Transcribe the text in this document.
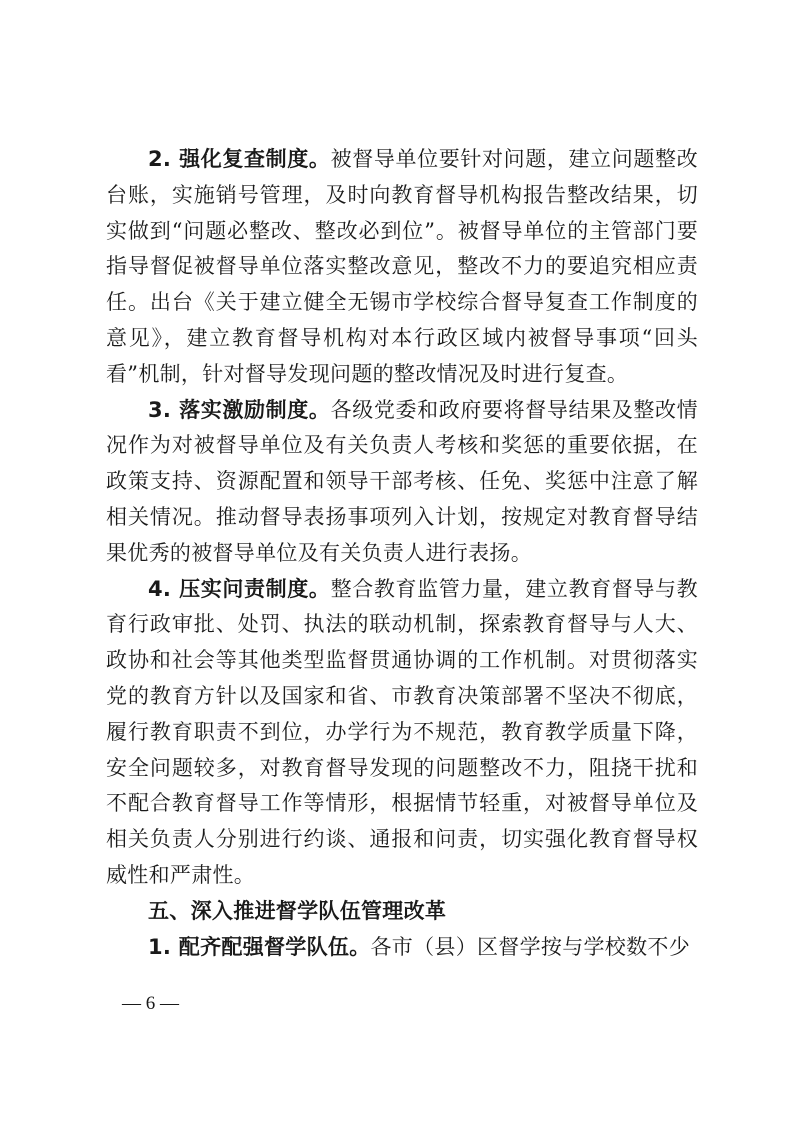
2. 强化复查制度。被督导单位要针对问题，建立问题整改台账，实施销号管理，及时向教育督导机构报告整改结果，切实做到“问题必整改、整改必到位”。被督导单位的主管部门要指导督促被督导单位落实整改意见，整改不力的要追究相应责任。出台《关于建立健全无锡市学校综合督导复查工作制度的意见》，建立教育督导机构对本行政区域内被督导事项“回头看”机制，针对督导发现问题的整改情况及时进行复查。

3. 落实激励制度。各级党委和政府要将督导结果及整改情况作为对被督导单位及有关负责人考核和奖惩的重要依据，在政策支持、资源配置和领导干部考核、任免、奖惩中注意了解相关情况。推动督导表扬事项列入计划，按规定对教育督导结果优秀的被督导单位及有关负责人进行表扬。

4. 压实问责制度。整合教育监管力量，建立教育督导与教育行政审批、处罚、执法的联动机制，探索教育督导与人大、政协和社会等其他类型监督贯通协调的工作机制。对贯彻落实党的教育方针以及国家和省、市教育决策部署不坚决不彻底，履行教育职责不到位，办学行为不规范，教育教学质量下降，安全问题较多，对教育督导发现的问题整改不力，阻挠干扰和不配合教育督导工作等情形，根据情节轻重，对被督导单位及相关负责人分别进行约谈、通报和问责，切实强化教育督导权威性和严肃性。

五、深入推进督学队伍管理改革

1. 配齐配强督学队伍。各市（县）区督学按与学校数不少

— 6 —
